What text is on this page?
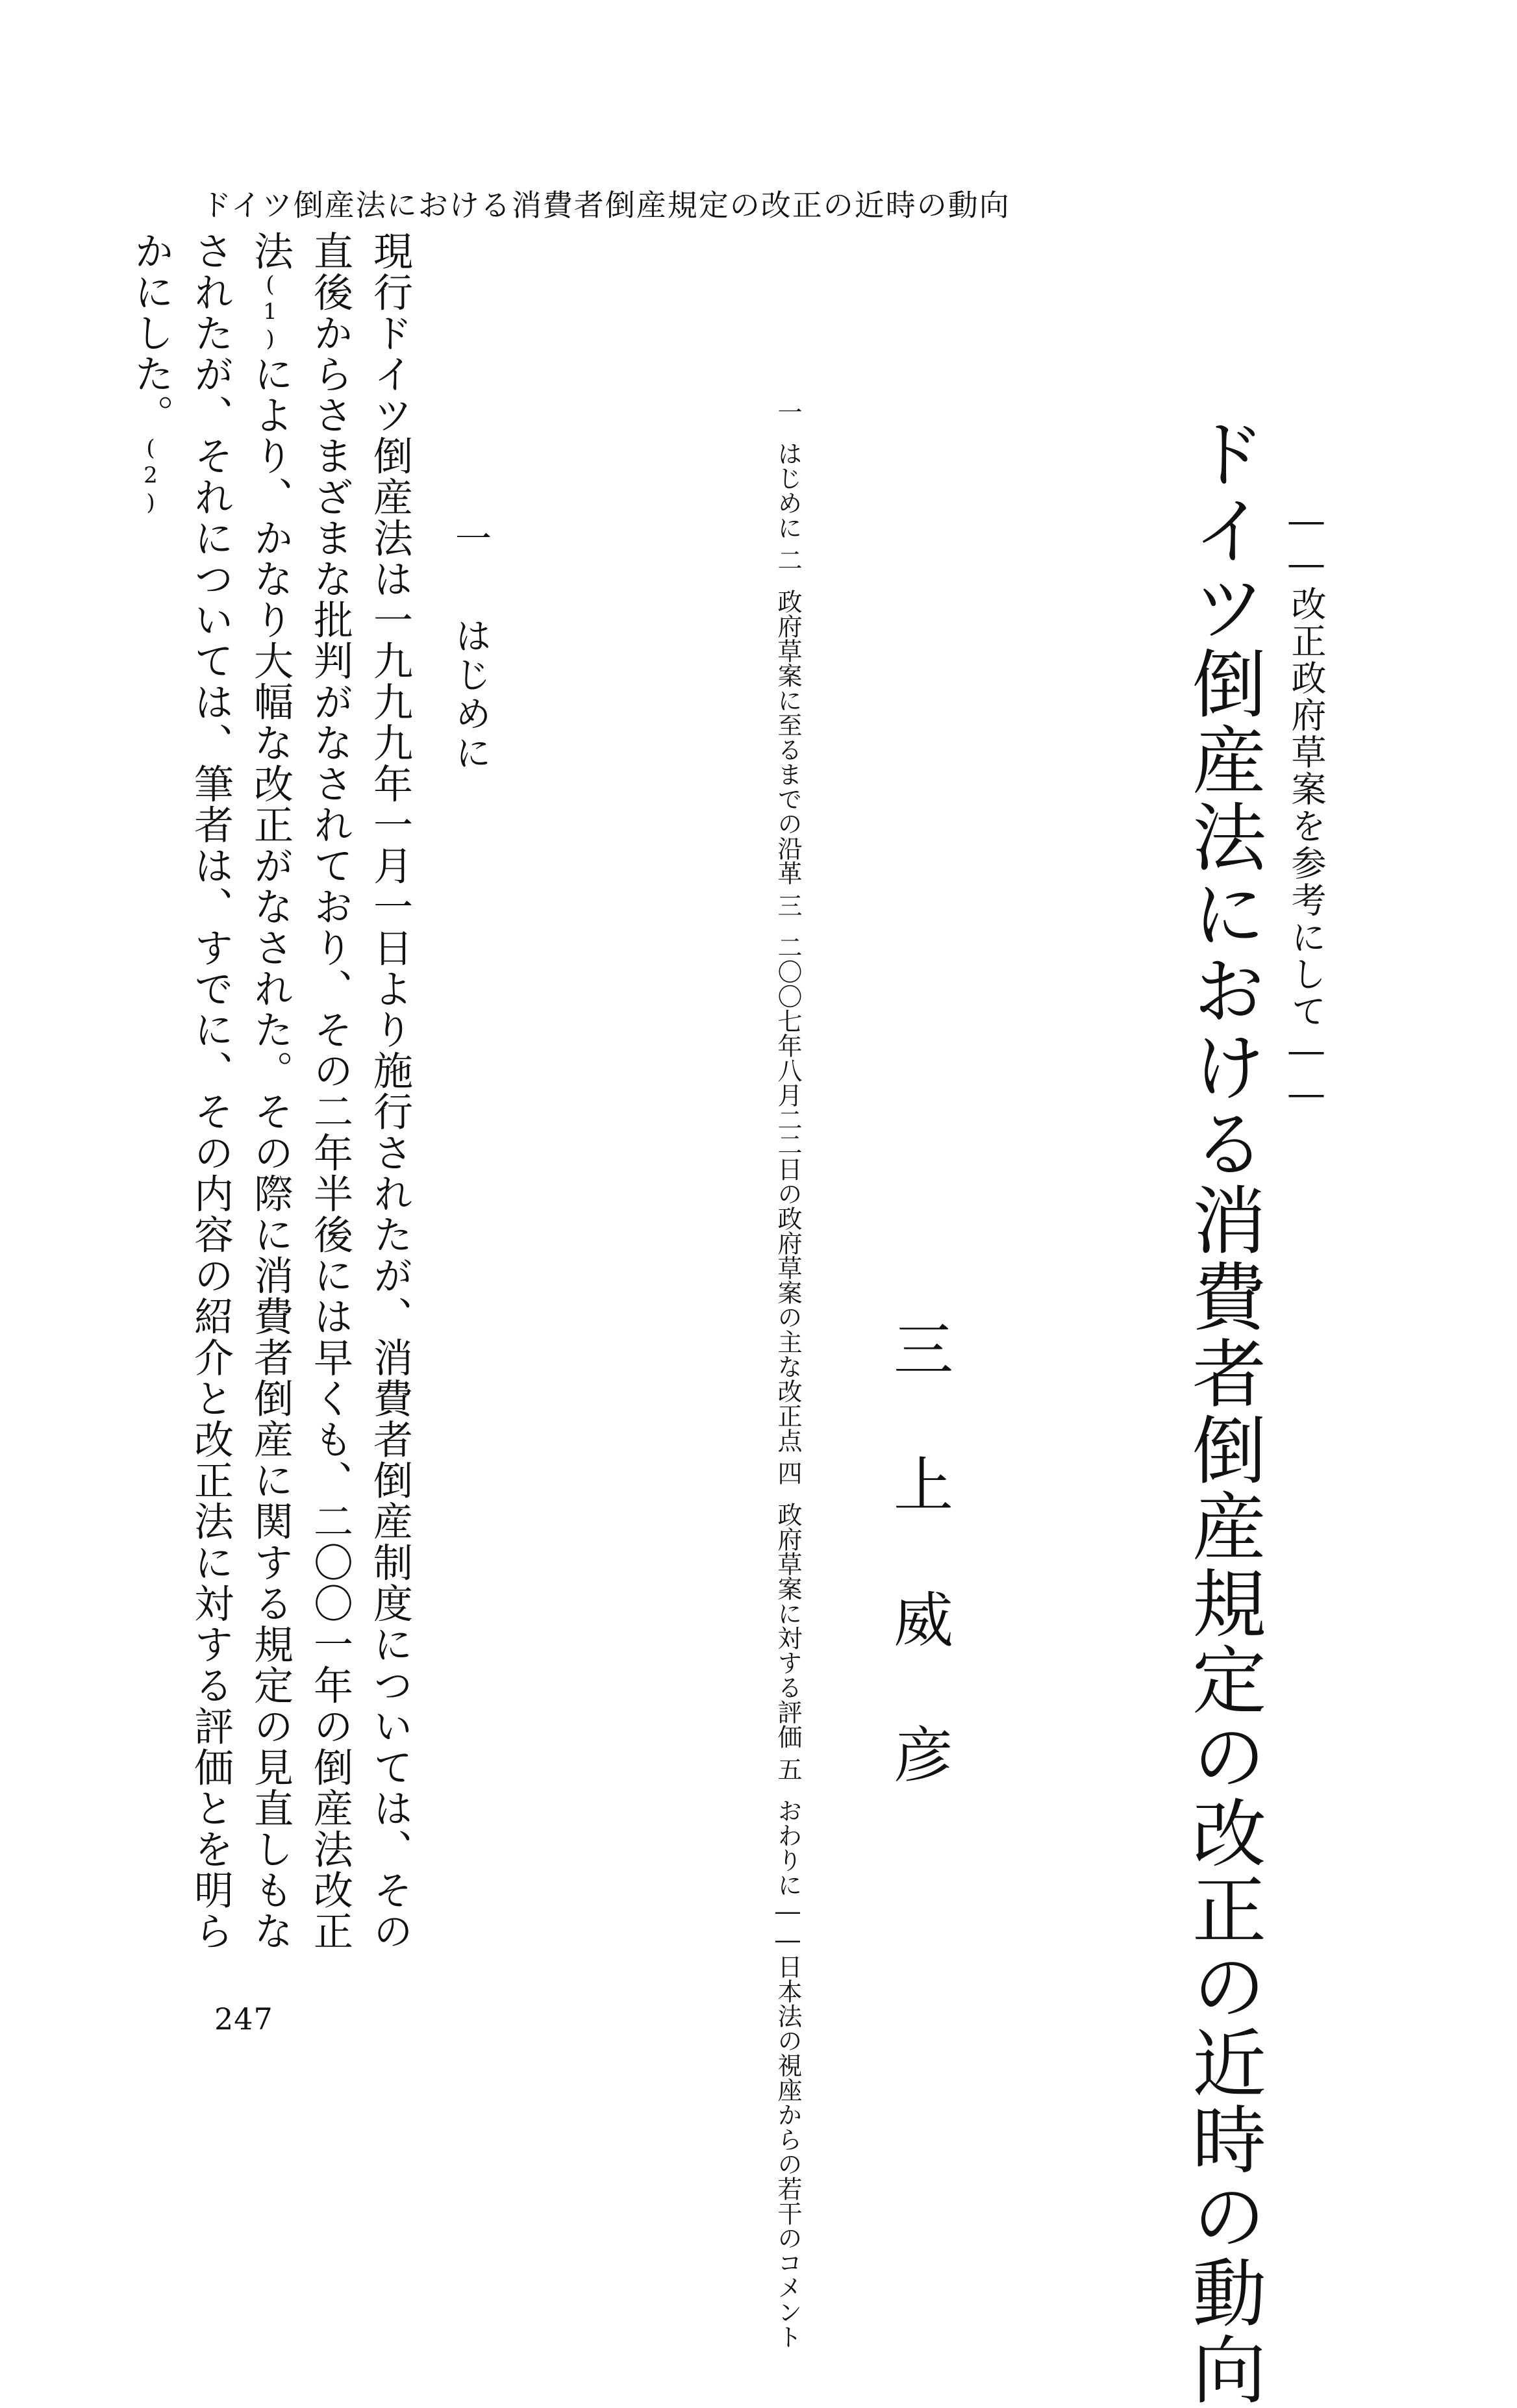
ドイツ倒産法における消費者倒産規定の改正の近時の動向
ドイツ倒産法における消費者倒産規定の改正の近時の動向 ――改正政府草案を参考にして――
三上威彦
一はじめに
二政府草案に至るまでの沿革
三二〇〇七年八月二二日の政府草案の主な改正点
四政府草案に対する評価
五おわりに――日本法の視座からの若干のコメント
一はじめに
現行ドイツ倒産法は一九九九年一月一日より施行されたが、消費者倒産制度については、その直後からさまざまな批判がなされており、その二年半後には早くも、二〇〇一年の倒産法改正法(1)により、かなり大幅な改正がなされた。その際に消費者倒産に関する規定の見直しもなされたが、それについては、筆者は、すでに、その内容の紹介と改正法に対する評価とを明らかにした。(2)
247
